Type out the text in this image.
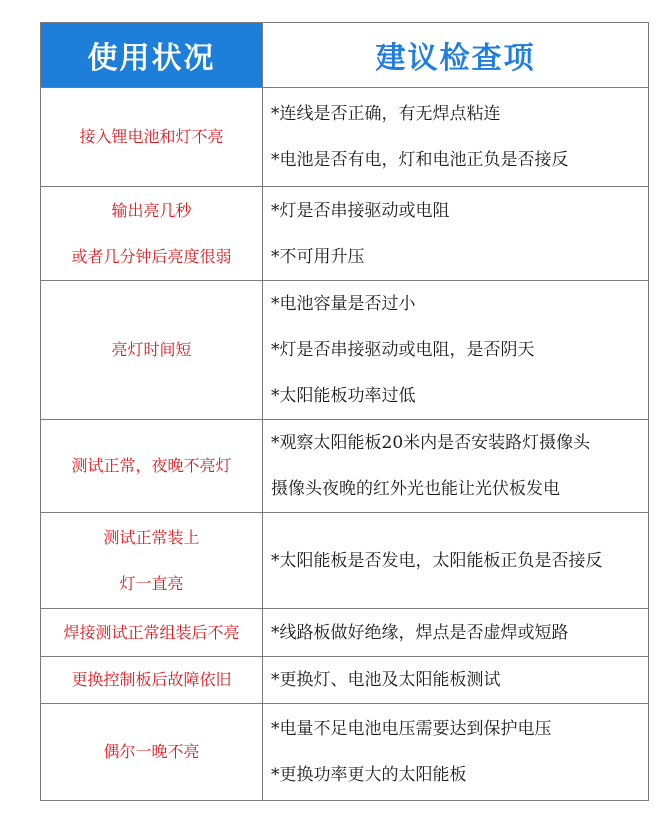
使用状况	建议检查项

接入锂电池和灯不亮	*连线是否正确，有无焊点粘连
*电池是否有电，灯和电池正负是否接反

输出亮几秒
或者几分钟后亮度很弱	*灯是否串接驱动或电阻
*不可用升压

亮灯时间短	*电池容量是否过小
*灯是否串接驱动或电阻，是否阴天
*太阳能板功率过低

测试正常，夜晚不亮灯	*观察太阳能板20米内是否安装路灯摄像头
摄像头夜晚的红外光也能让光伏板发电

测试正常装上
灯一直亮	*太阳能板是否发电，太阳能板正负是否接反

焊接测试正常组装后不亮	*线路板做好绝缘，焊点是否虚焊或短路

更换控制板后故障依旧	*更换灯、电池及太阳能板测试

偶尔一晚不亮	*电量不足电池电压需要达到保护电压
*更换功率更大的太阳能板
